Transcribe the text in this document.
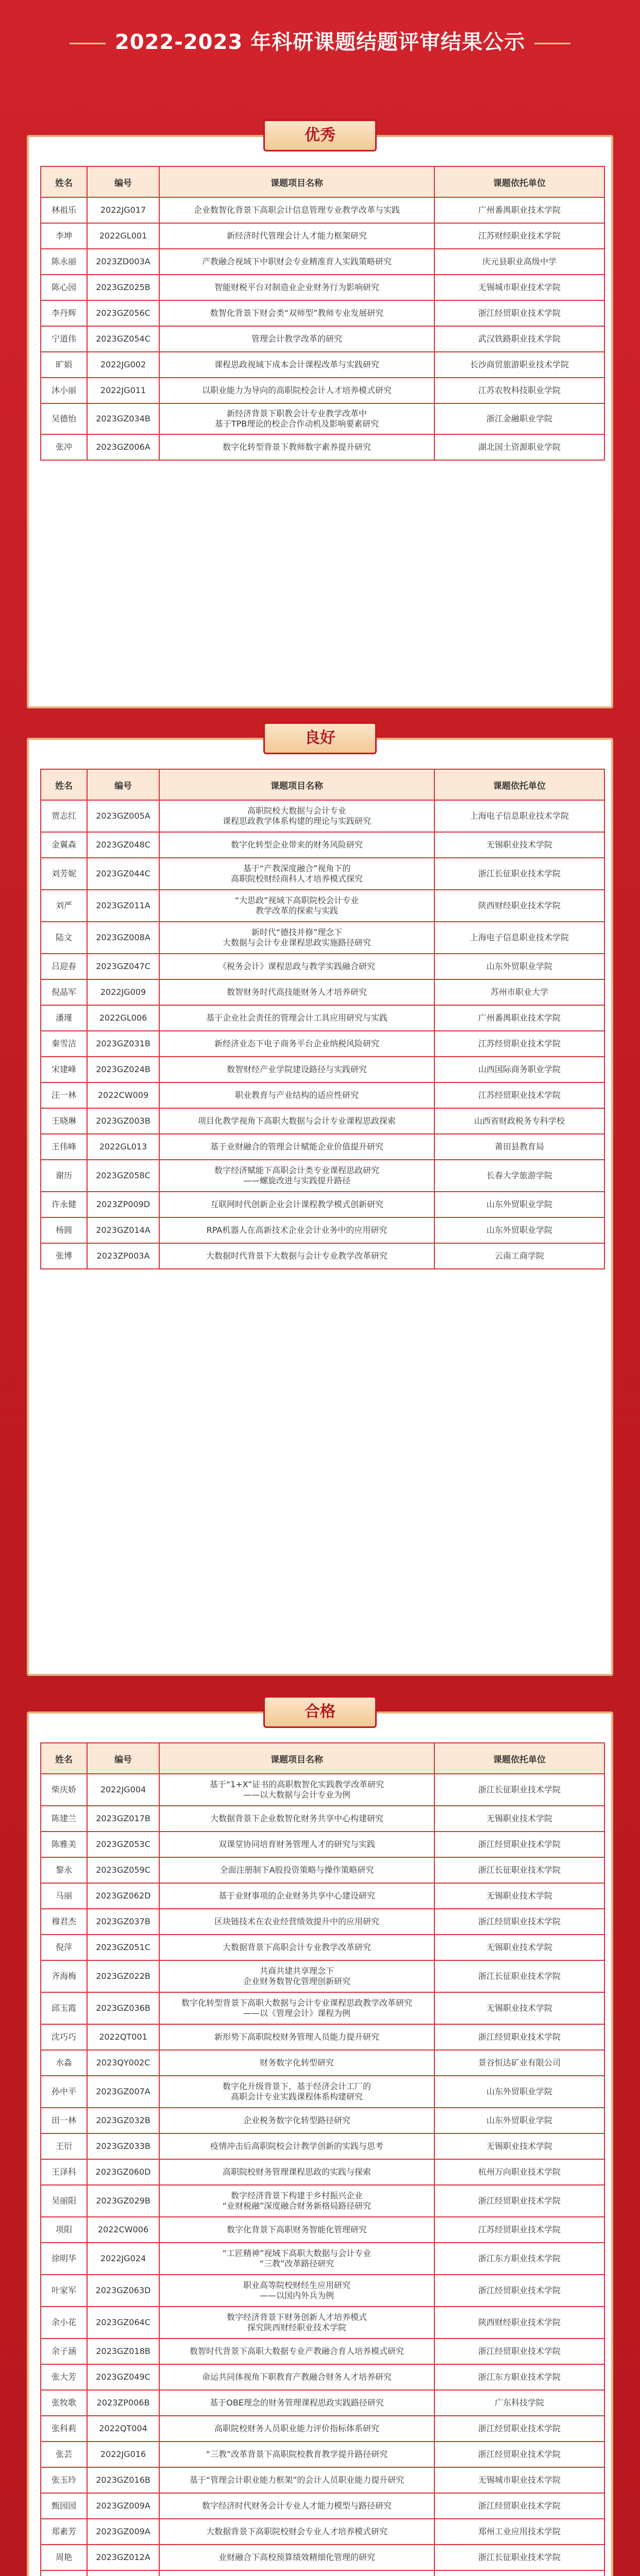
2022-2023 年科研课题结题评审结果公示
优秀
姓名	编号	课题项目名称	课题依托单位
林祖乐	2022JG017	企业数智化背景下高职会计信息管理专业教学改革与实践	广州番禺职业技术学院
李坤	2022GL001	新经济时代管理会计人才能力框架研究	江苏财经职业技术学院
陈永丽	2023ZD003A	产教融合视域下中职财会专业精准育人实践策略研究	庆元县职业高级中学
陈心园	2023GZ025B	智能财税平台对制造业企业财务行为影响研究	无锡城市职业技术学院
李丹辉	2023GZ056C	数智化背景下财会类“双师型”教师专业发展研究	浙江经贸职业技术学院
宁道伟	2023GZ054C	管理会计教学改革的研究	武汉铁路职业技术学院
旷娟	2022JG002	课程思政视域下成本会计课程改革与实践研究	长沙商贸旅游职业技术学院
沐小丽	2022JG011	以职业能力为导向的高职院校会计人才培养模式研究	江苏农牧科技职业学院
吴德怡	2023GZ034B	新经济背景下职教会计专业教学改革中
基于TPB理论的校企合作动机及影响要素研究	浙江金融职业学院
张冲	2023GZ006A	数字化转型背景下教师数字素养提升研究	湖北国土资源职业学院
良好
姓名	编号	课题项目名称	课题依托单位
贾志红	2023GZ005A	高职院校大数据与会计专业
课程思政教学体系构建的理论与实践研究	上海电子信息职业技术学院
金翼森	2023GZ048C	数字化转型企业带来的财务风险研究	无锡职业技术学院
刘芳妮	2023GZ044C	基于“产教深度融合”视角下的
高职院校财经商科人才培养模式探究	浙江长征职业技术学院
刘严	2023GZ011A	“大思政”视域下高职院校会计专业
教学改革的探索与实践	陕西财经职业技术学院
陆文	2023GZ008A	新时代“德技并修”理念下
大数据与会计专业课程思政实施路径研究	上海电子信息职业技术学院
吕迎春	2023GZ047C	《税务会计》课程思政与教学实践融合研究	山东外贸职业学院
倪晶军	2022JG009	数智财务时代高技能财务人才培养研究	苏州市职业大学
潘瑾	2022GL006	基于企业社会责任的管理会计工具应用研究与实践	广州番禺职业技术学院
秦雪洁	2023GZ031B	新经济业态下电子商务平台企业纳税风险研究	江苏经贸职业技术学院
宋建峰	2023GZ024B	数智财经产业学院建设路径与实践研究	山西国际商务职业学院
汪一林	2022CW009	职业教育与产业结构的适应性研究	江苏经贸职业技术学院
王晓琳	2023GZ003B	项目化教学视角下高职大数据与会计专业课程思政探索	山西省财政税务专科学校
王伟峰	2022GL013	基于业财融合的管理会计赋能企业价值提升研究	莆田县教育局
谢历	2023GZ058C	数字经济赋能下高职会计类专业课程思政研究
——螺旋改进与实践提升路径	长春大学旅游学院
许永健	2023ZP009D	互联网时代创新企业会计课程教学模式创新研究	山东外贸职业学院
杨圆	2023GZ014A	RPA机器人在高新技术企业会计业务中的应用研究	山东外贸职业学院
张博	2023ZP003A	大数据时代背景下大数据与会计专业教学改革研究	云南工商学院
合格
姓名	编号	课题项目名称	课题依托单位
柴庆娇	2022JG004	基于“1+X”证书的高职数智化实践教学改革研究
——以大数据与会计专业为例	浙江长征职业技术学院
陈建兰	2023GZ017B	大数据背景下企业数智化财务共享中心构建研究	无锡职业技术学院
陈雅美	2023GZ053C	双课堂协同培育财务管理人才的研究与实践	浙江经贸职业技术学院
黎永	2023GZ059C	全面注册制下A股投资策略与操作策略研究	浙江长征职业技术学院
马丽	2023GZ062D	基于业财事项的企业财务共享中心建设研究	无锡职业技术学院
穆君杰	2023GZ037B	区块链技术在农业经营绩效提升中的应用研究	浙江经贸职业技术学院
倪萍	2023GZ051C	大数据背景下高职会计专业教学改革研究	无锡职业技术学院
齐海梅	2023GZ022B	共商共建共享理念下
企业财务数智化管理创新研究	浙江长征职业技术学院
邱玉霞	2023GZ036B	数字化转型背景下高职大数据与会计专业课程思政教学改革研究
——以《管理会计》课程为例	无锡职业技术学院
沈巧巧	2022QT001	新形势下高职院校财务管理人员能力提升研究	浙江经贸职业技术学院
水淼	2023QY002C	财务数字化转型研究	景谷恒达矿业有限公司
孙中平	2023GZ007A	数字化升级背景下，基于经济会计工厂的
高职会计专业实践课程体系构建研究	山东外贸职业学院
田一林	2023GZ032B	企业税务数字化转型路径研究	山东外贸职业学院
王衍	2023GZ033B	疫情冲击后高职院校会计教学创新的实践与思考	无锡职业技术学院
王泽科	2023GZ060D	高职院校财务管理课程思政的实践与探索	杭州万向职业技术学院
吴丽阳	2023GZ029B	数字经济背景下构建于乡村振兴企业
“业财税融”深度融合财务新格局路径研究	浙江经贸职业技术学院
项阳	2022CW006	数字化背景下高职财务智能化管理研究	江苏经贸职业技术学院
徐明华	2022JG024	“工匠精神”视域下高职大数据与会计专业
“三教”改革路径研究	浙江东方职业技术学院
叶家军	2023GZ063D	职业高等院校财经生应用研究
——以国内外兵为例	浙江经贸职业技术学院
余小花	2023GZ064C	数字经济背景下财务创新人才培养模式
探究陕西财经职业技术学院	陕西财经职业技术学院
余子涵	2023GZ018B	数智时代背景下高职大数据专业产教融合育人培养模式研究	浙江经贸职业技术学院
张大芳	2023GZ049C	命运共同体视角下职教育产教融合财务人才培养研究	浙江东方职业技术学院
张牧歌	2023ZP006B	基于OBE理念的财务管理课程思政实践路径研究	广东科技学院
张科莉	2022QT004	高职院校财务人员职业能力评价指标体系研究	浙江经贸职业技术学院
张芸	2022JG016	“三教”改革背景下高职院校教育教学提升路径研究	浙江经贸职业技术学院
张玉玲	2023GZ016B	基于“管理会计职业能力框架”的会计人员职业能力提升研究	无锡城市职业技术学院
甄园园	2023GZ009A	数字经济时代财务会计专业人才能力模型与路径研究	浙江经贸职业技术学院
郑素芳	2023GZ009A	大数据背景下高职院校财会专业人才培养模式研究	郑州工业应用技术学院
周艳	2023GZ012A	业财融合下高校预算绩效精细化管理的研究	浙江长征职业技术学院
